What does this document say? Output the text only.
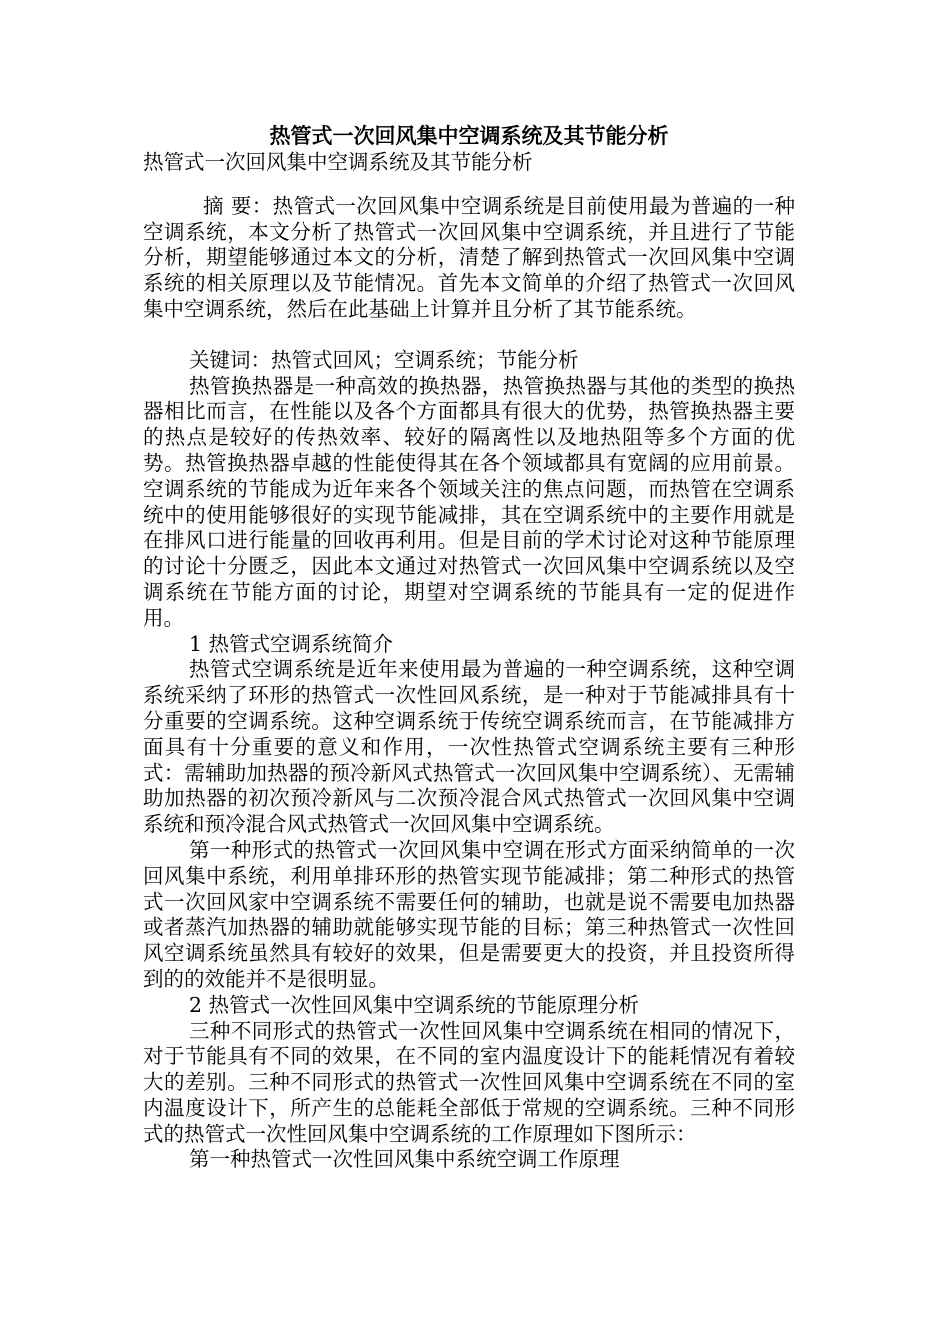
热管式一次回风集中空调系统及其节能分析

热管式一次回风集中空调系统及其节能分析

摘 要：热管式一次回风集中空调系统是目前使用最为普遍的一种空调系统，本文分析了热管式一次回风集中空调系统，并且进行了节能分析，期望能够通过本文的分析，清楚了解到热管式一次回风集中空调系统的相关原理以及节能情况。首先本文简单的介绍了热管式一次回风集中空调系统，然后在此基础上计算并且分析了其节能系统。

关键词：热管式回风；空调系统；节能分析

热管换热器是一种高效的换热器，热管换热器与其他的类型的换热器相比而言，在性能以及各个方面都具有很大的优势，热管换热器主要的热点是较好的传热效率、较好的隔离性以及地热阻等多个方面的优势。热管换热器卓越的性能使得其在各个领域都具有宽阔的应用前景。空调系统的节能成为近年来各个领域关注的焦点问题，而热管在空调系统中的使用能够很好的实现节能减排，其在空调系统中的主要作用就是在排风口进行能量的回收再利用。但是目前的学术讨论对这种节能原理的讨论十分匮乏，因此本文通过对热管式一次回风集中空调系统以及空调系统在节能方面的讨论，期望对空调系统的节能具有一定的促进作用。

1 热管式空调系统简介

热管式空调系统是近年来使用最为普遍的一种空调系统，这种空调系统采纳了环形的热管式一次性回风系统，是一种对于节能减排具有十分重要的空调系统。这种空调系统于传统空调系统而言，在节能减排方面具有十分重要的意义和作用，一次性热管式空调系统主要有三种形式：需辅助加热器的预冷新风式热管式一次回风集中空调系统）、无需辅助加热器的初次预冷新风与二次预冷混合风式热管式一次回风集中空调系统和预冷混合风式热管式一次回风集中空调系统。

第一种形式的热管式一次回风集中空调在形式方面采纳简单的一次回风集中系统，利用单排环形的热管实现节能减排；第二种形式的热管式一次回风家中空调系统不需要任何的辅助，也就是说不需要电加热器或者蒸汽加热器的辅助就能够实现节能的目标；第三种热管式一次性回风空调系统虽然具有较好的效果，但是需要更大的投资，并且投资所得到的的效能并不是很明显。

2 热管式一次性回风集中空调系统的节能原理分析

三种不同形式的热管式一次性回风集中空调系统在相同的情况下，对于节能具有不同的效果，在不同的室内温度设计下的能耗情况有着较大的差别。三种不同形式的热管式一次性回风集中空调系统在不同的室内温度设计下，所产生的总能耗全部低于常规的空调系统。三种不同形式的热管式一次性回风集中空调系统的工作原理如下图所示：

第一种热管式一次性回风集中系统空调工作原理
